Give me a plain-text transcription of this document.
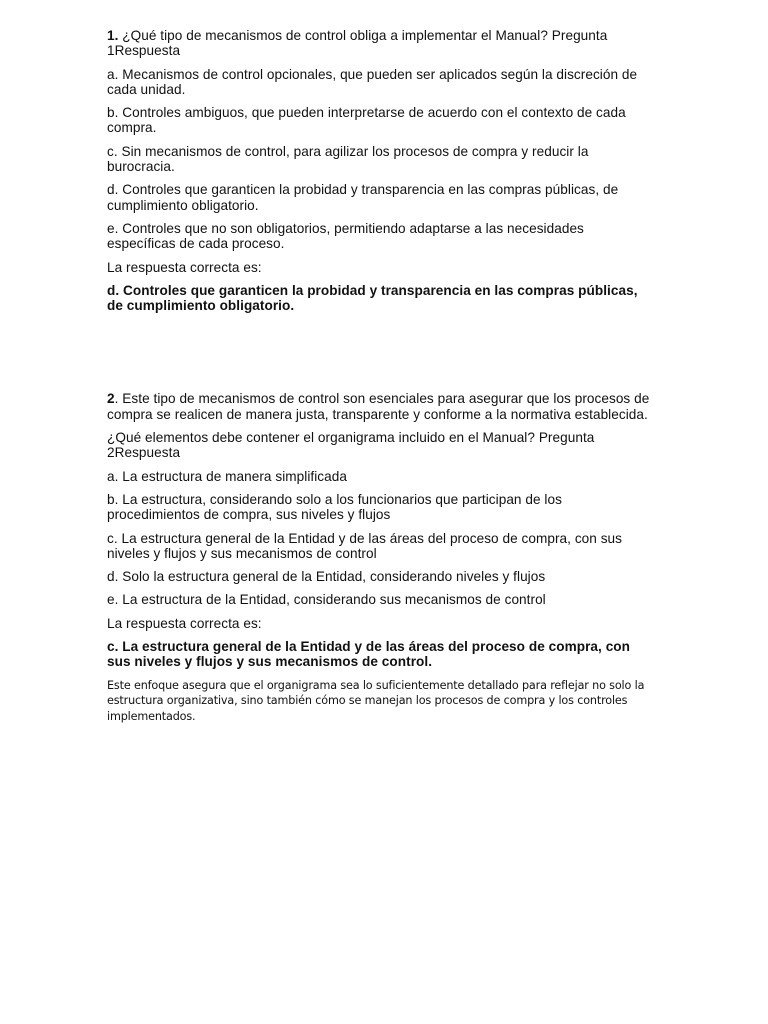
1. ¿Qué tipo de mecanismos de control obliga a implementar el Manual? Pregunta 1Respuesta

a. Mecanismos de control opcionales, que pueden ser aplicados según la discreción de cada unidad.

b. Controles ambiguos, que pueden interpretarse de acuerdo con el contexto de cada compra.

c. Sin mecanismos de control, para agilizar los procesos de compra y reducir la burocracia.

d. Controles que garanticen la probidad y transparencia en las compras públicas, de cumplimiento obligatorio.

e. Controles que no son obligatorios, permitiendo adaptarse a las necesidades específicas de cada proceso.

La respuesta correcta es:

d. Controles que garanticen la probidad y transparencia en las compras públicas, de cumplimiento obligatorio.

2. Este tipo de mecanismos de control son esenciales para asegurar que los procesos de compra se realicen de manera justa, transparente y conforme a la normativa establecida.

¿Qué elementos debe contener el organigrama incluido en el Manual? Pregunta 2Respuesta

a. La estructura de manera simplificada

b. La estructura, considerando solo a los funcionarios que participan de los procedimientos de compra, sus niveles y flujos

c. La estructura general de la Entidad y de las áreas del proceso de compra, con sus niveles y flujos y sus mecanismos de control

d. Solo la estructura general de la Entidad, considerando niveles y flujos

e. La estructura de la Entidad, considerando sus mecanismos de control

La respuesta correcta es:

c. La estructura general de la Entidad y de las áreas del proceso de compra, con sus niveles y flujos y sus mecanismos de control.

Este enfoque asegura que el organigrama sea lo suficientemente detallado para reflejar no solo la estructura organizativa, sino también cómo se manejan los procesos de compra y los controles implementados.
